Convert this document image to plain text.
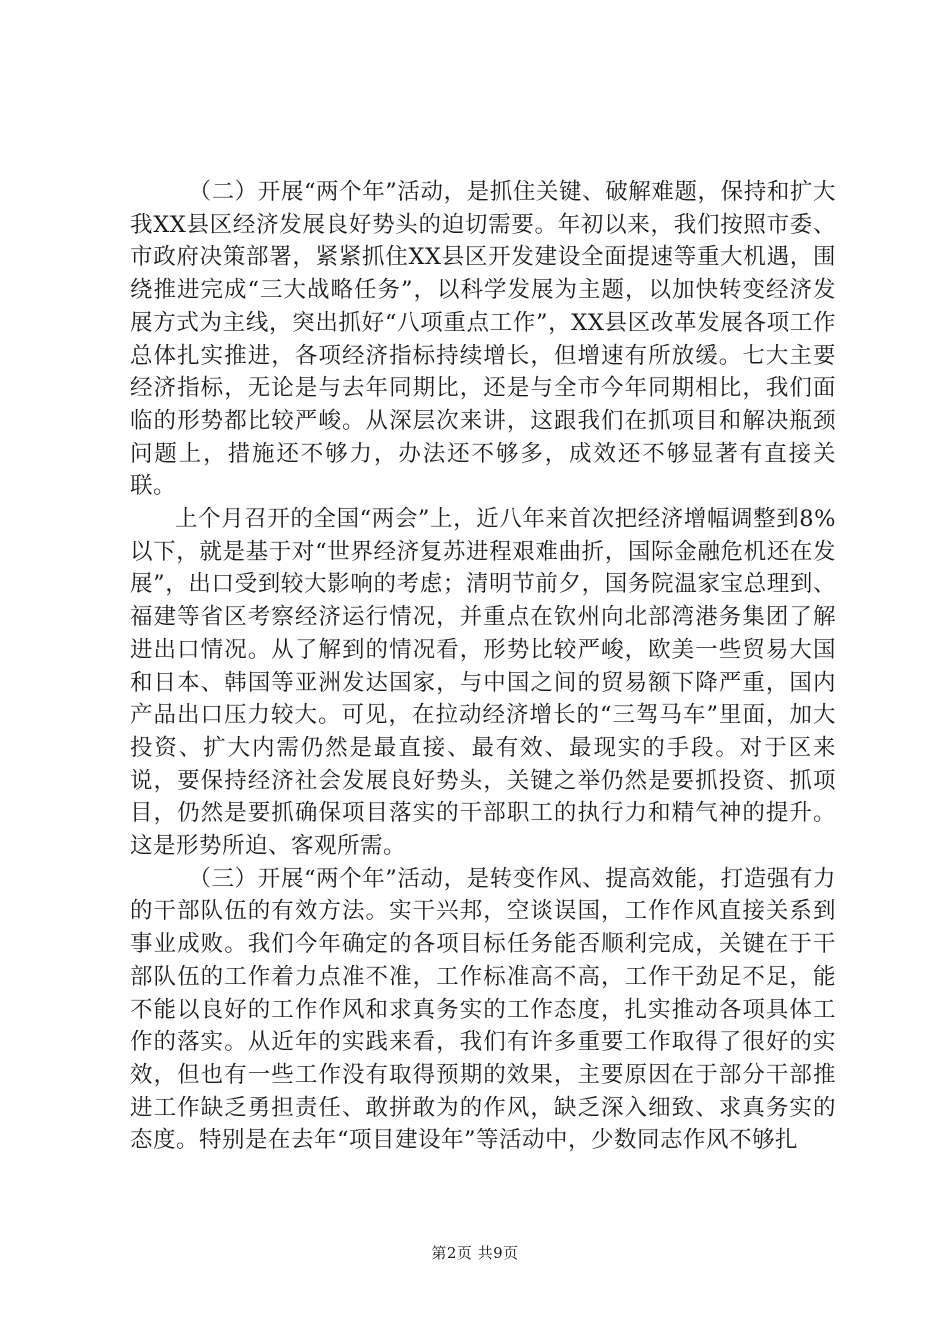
（二）开展“两个年”活动，是抓住关键、破解难题，保持和扩大我XX县区经济发展良好势头的迫切需要。年初以来，我们按照市委、市政府决策部署，紧紧抓住XX县区开发建设全面提速等重大机遇，围绕推进完成“三大战略任务”，以科学发展为主题，以加快转变经济发展方式为主线，突出抓好“八项重点工作”，XX县区改革发展各项工作总体扎实推进，各项经济指标持续增长，但增速有所放缓。七大主要经济指标，无论是与去年同期比，还是与全市今年同期相比，我们面临的形势都比较严峻。从深层次来讲，这跟我们在抓项目和解决瓶颈问题上，措施还不够力，办法还不够多，成效还不够显著有直接关联。

上个月召开的全国“两会”上，近八年来首次把经济增幅调整到8%以下，就是基于对“世界经济复苏进程艰难曲折，国际金融危机还在发展”，出口受到较大影响的考虑；清明节前夕，国务院温家宝总理到、福建等省区考察经济运行情况，并重点在钦州向北部湾港务集团了解进出口情况。从了解到的情况看，形势比较严峻，欧美一些贸易大国和日本、韩国等亚洲发达国家，与中国之间的贸易额下降严重，国内产品出口压力较大。可见，在拉动经济增长的“三驾马车”里面，加大投资、扩大内需仍然是最直接、最有效、最现实的手段。对于区来说，要保持经济社会发展良好势头，关键之举仍然是要抓投资、抓项目，仍然是要抓确保项目落实的干部职工的执行力和精气神的提升。这是形势所迫、客观所需。

（三）开展“两个年”活动，是转变作风、提高效能，打造强有力的干部队伍的有效方法。实干兴邦，空谈误国，工作作风直接关系到事业成败。我们今年确定的各项目标任务能否顺利完成，关键在于干部队伍的工作着力点准不准，工作标准高不高，工作干劲足不足，能不能以良好的工作作风和求真务实的工作态度，扎实推动各项具体工作的落实。从近年的实践来看，我们有许多重要工作取得了很好的实效，但也有一些工作没有取得预期的效果，主要原因在于部分干部推进工作缺乏勇担责任、敢拼敢为的作风，缺乏深入细致、求真务实的态度。特别是在去年“项目建设年”等活动中，少数同志作风不够扎

第2页 共9页
